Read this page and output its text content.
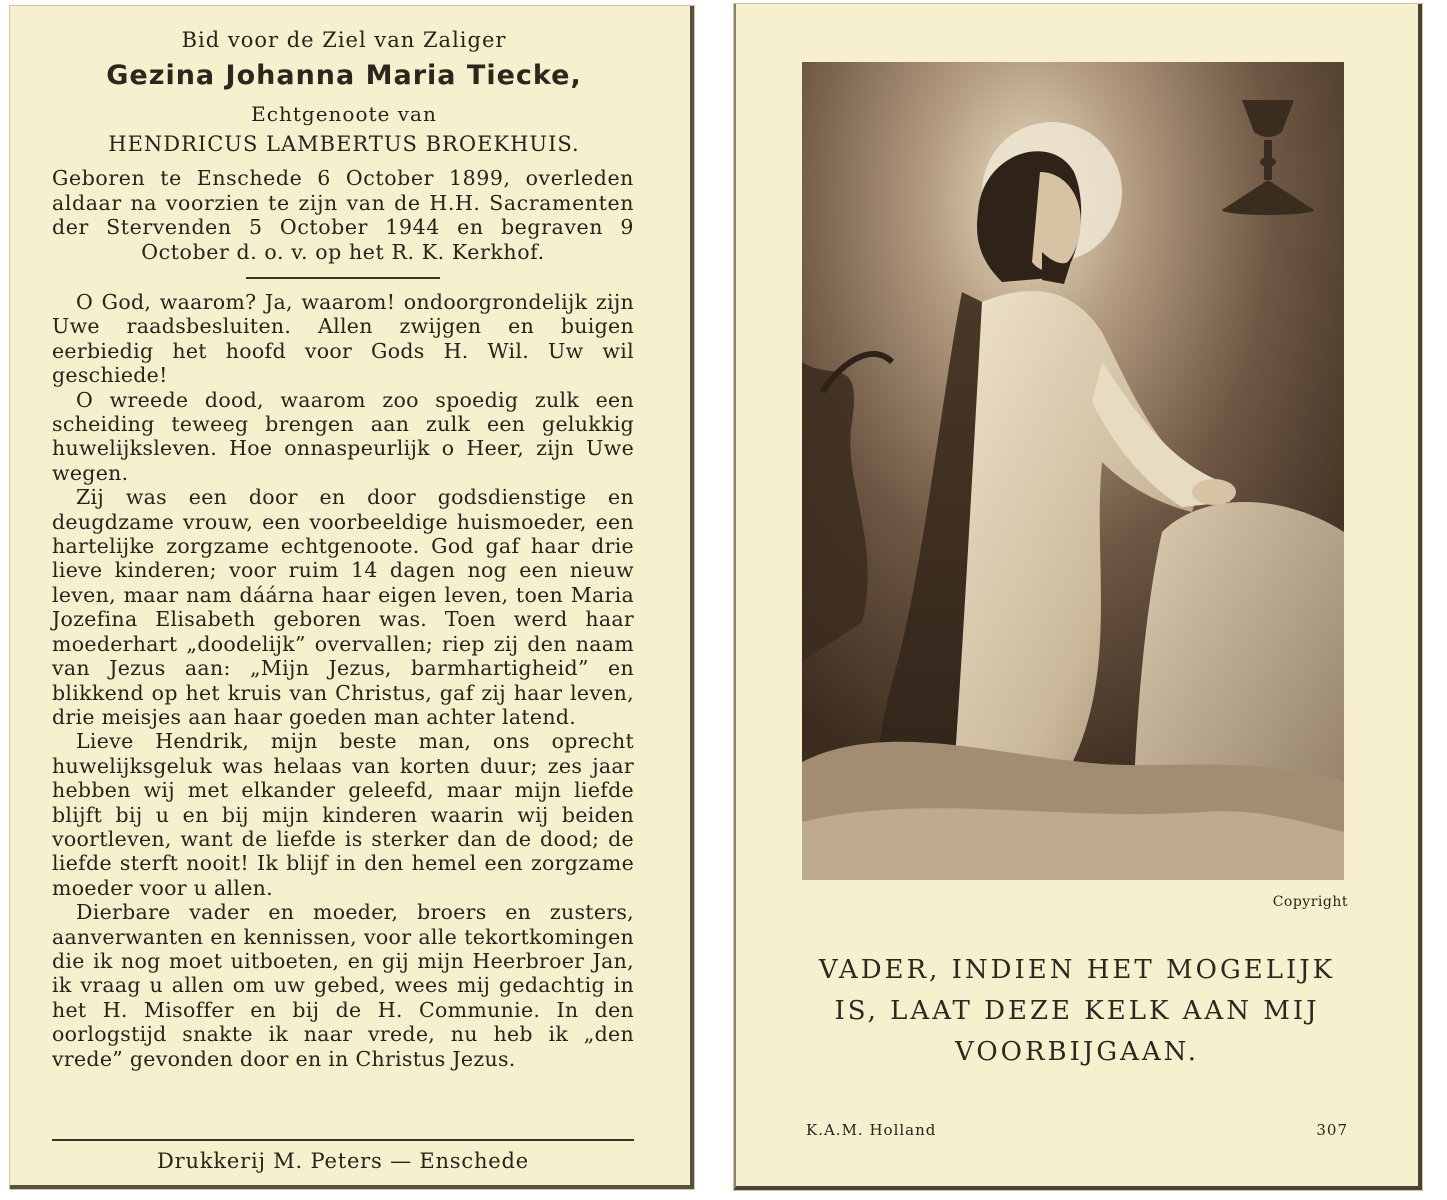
Bid voor de Ziel van Zaliger
Gezina Johanna Maria Tiecke,
Echtgenoote van
HENDRICUS LAMBERTUS BROEKHUIS.
Geboren te Enschede 6 October 1899, overleden aldaar na voorzien te zijn van de H.H. Sacramenten der Stervenden 5 October 1944 en begraven 9 October d. o. v. op het R. K. Kerkhof.

O God, waarom? Ja, waarom! ondoorgrondelijk zijn Uwe raadsbesluiten. Allen zwijgen en buigen eerbiedig het hoofd voor Gods H. Wil. Uw wil geschiede!

O wreede dood, waarom zoo spoedig zulk een scheiding teweeg brengen aan zulk een gelukkig huwelijksleven. Hoe onnaspeurlijk o Heer, zijn Uwe wegen.

Zij was een door en door godsdienstige en deugdzame vrouw, een voorbeeldige huismoeder, een hartelijke zorgzame echtgenoote. God gaf haar drie lieve kinderen; voor ruim 14 dagen nog een nieuw leven, maar nam dáárna haar eigen leven, toen Maria Jozefina Elisabeth geboren was. Toen werd haar moederhart „doodelijk” overvallen; riep zij den naam van Jezus aan: „Mijn Jezus, barmhartigheid” en blikkend op het kruis van Christus, gaf zij haar leven, drie meisjes aan haar goeden man achter latend.

Lieve Hendrik, mijn beste man, ons oprecht huwelijksgeluk was helaas van korten duur; zes jaar hebben wij met elkander geleefd, maar mijn liefde blijft bij u en bij mijn kinderen waarin wij beiden voortleven, want de liefde is sterker dan de dood; de liefde sterft nooit! Ik blijf in den hemel een zorgzame moeder voor u allen.

Dierbare vader en moeder, broers en zusters, aanverwanten en kennissen, voor alle tekortkomingen die ik nog moet uitboeten, en gij mijn Heerbroer Jan, ik vraag u allen om uw gebed, wees mij gedachtig in het H. Misoffer en bij de H. Communie. In den oorlogstijd snakte ik naar vrede, nu heb ik „den vrede” gevonden door en in Christus Jezus.

Drukkerij M. Peters — Enschede
Copyright
VADER, INDIEN HET MOGELIJK
IS, LAAT DEZE KELK AAN MIJ
VOORBIJGAAN.
K.A.M. Holland	307
